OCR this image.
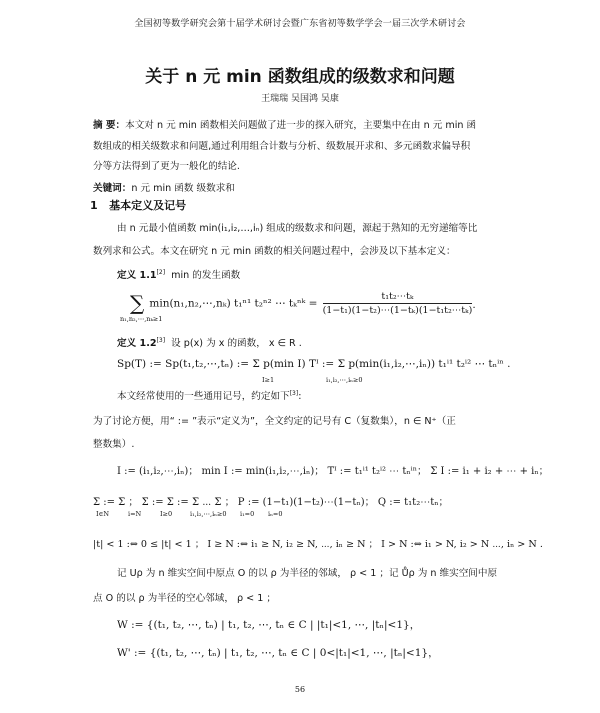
全国初等数学研究会第十届学术研讨会暨广东省初等数学学会一届三次学术研讨会
关于 n 元 min 函数组成的级数求和问题
王瑞瑞 吴国鸿 吴康
摘 要：本文对 n 元 min 函数相关问题做了进一步的探入研究，主要集中在由 n 元 min 函
数组成的相关级数求和问题,通过利用组合计数与分析、级数展开求和、多元函数求偏导积
分等方法得到了更为一般化的结论.
关键词：n 元 min 函数 级数求和
1 基本定义及记号
由 n 元最小值函数 min(i₁,i₂,…,iₙ) 组成的级数求和问题，源起于熟知的无穷递缩等比
数列求和公式。本文在研究 n 元 min 函数的相关问题过程中，会涉及以下基本定义：
定义 1.1[2] min 的发生函数
∑ min(n₁,n₂,⋯,nₖ) t₁ⁿ¹ t₂ⁿ² ⋯ tₖⁿᵏ = $\frac{\text{t₁t₂⋯tₖ}}{\text{(1−t₁)(1−t₂)⋯(1−tₖ)(1−t₁t₂⋯tₖ)}}$ .
n₁,n₂,⋯,nₖ≥1
定义 1.2[3] 设 p(x) 为 x 的函数， x ∈ R .
Sp(T) := Sp(t₁,t₂,⋯,tₙ) := Σ p(min I) Tᴵ := Σ p(min(i₁,i₂,⋯,iₙ)) t₁ⁱ¹ t₂ⁱ² ⋯ tₙⁱⁿ .
I≥1	i₁,i₂,⋯,iₙ≥0
本文经常使用的一些通用记号，约定如下[3]:
为了讨论方便，用“ := ”表示“定义为”，全文约定的记号有 C（复数集），n ∈ N⁺（正
整数集）.
I := (i₁,i₂,⋯,iₙ)； min I := min(i₁,i₂,⋯,iₙ)； Tᴵ := t₁ⁱ¹ t₂ⁱ² ⋯ tₙⁱⁿ； Σ I := i₁ + i₂ + ⋯ + iₙ；
Σ := Σ ； Σ := Σ := Σ ⋯ Σ ； P := (1−t₁)(1−t₂)⋯(1−tₙ)； Q := t₁t₂⋯tₙ；
I∈N	i=N	I≥0	i₁,i₂,⋯,iₙ≥0 i₁=0 iₙ=0
|t| < 1 :⇔ 0 ≤ |t| < 1 ； I ≥ N :⇔ i₁ ≥ N, i₂ ≥ N, ⋯, iₙ ≥ N ； I > N :⇔ i₁ > N, i₂ > N ⋯, iₙ > N .
记 Uρ 为 n 维实空间中原点 O 的以 ρ 为半径的邻域， ρ < 1 ；记 Ůρ 为 n 维实空间中原
点 O 的以 ρ 为半径的空心邻域， ρ < 1 ；
W := {(t₁, t₂, ⋯, tₙ) | t₁, t₂, ⋯, tₙ ∈ C | |t₁|<1, ⋯, |tₙ|<1}，
W' := {(t₁, t₂, ⋯, tₙ) | t₁, t₂, ⋯, tₙ ∈ C | 0<|t₁|<1, ⋯, |tₙ|<1}，
56
